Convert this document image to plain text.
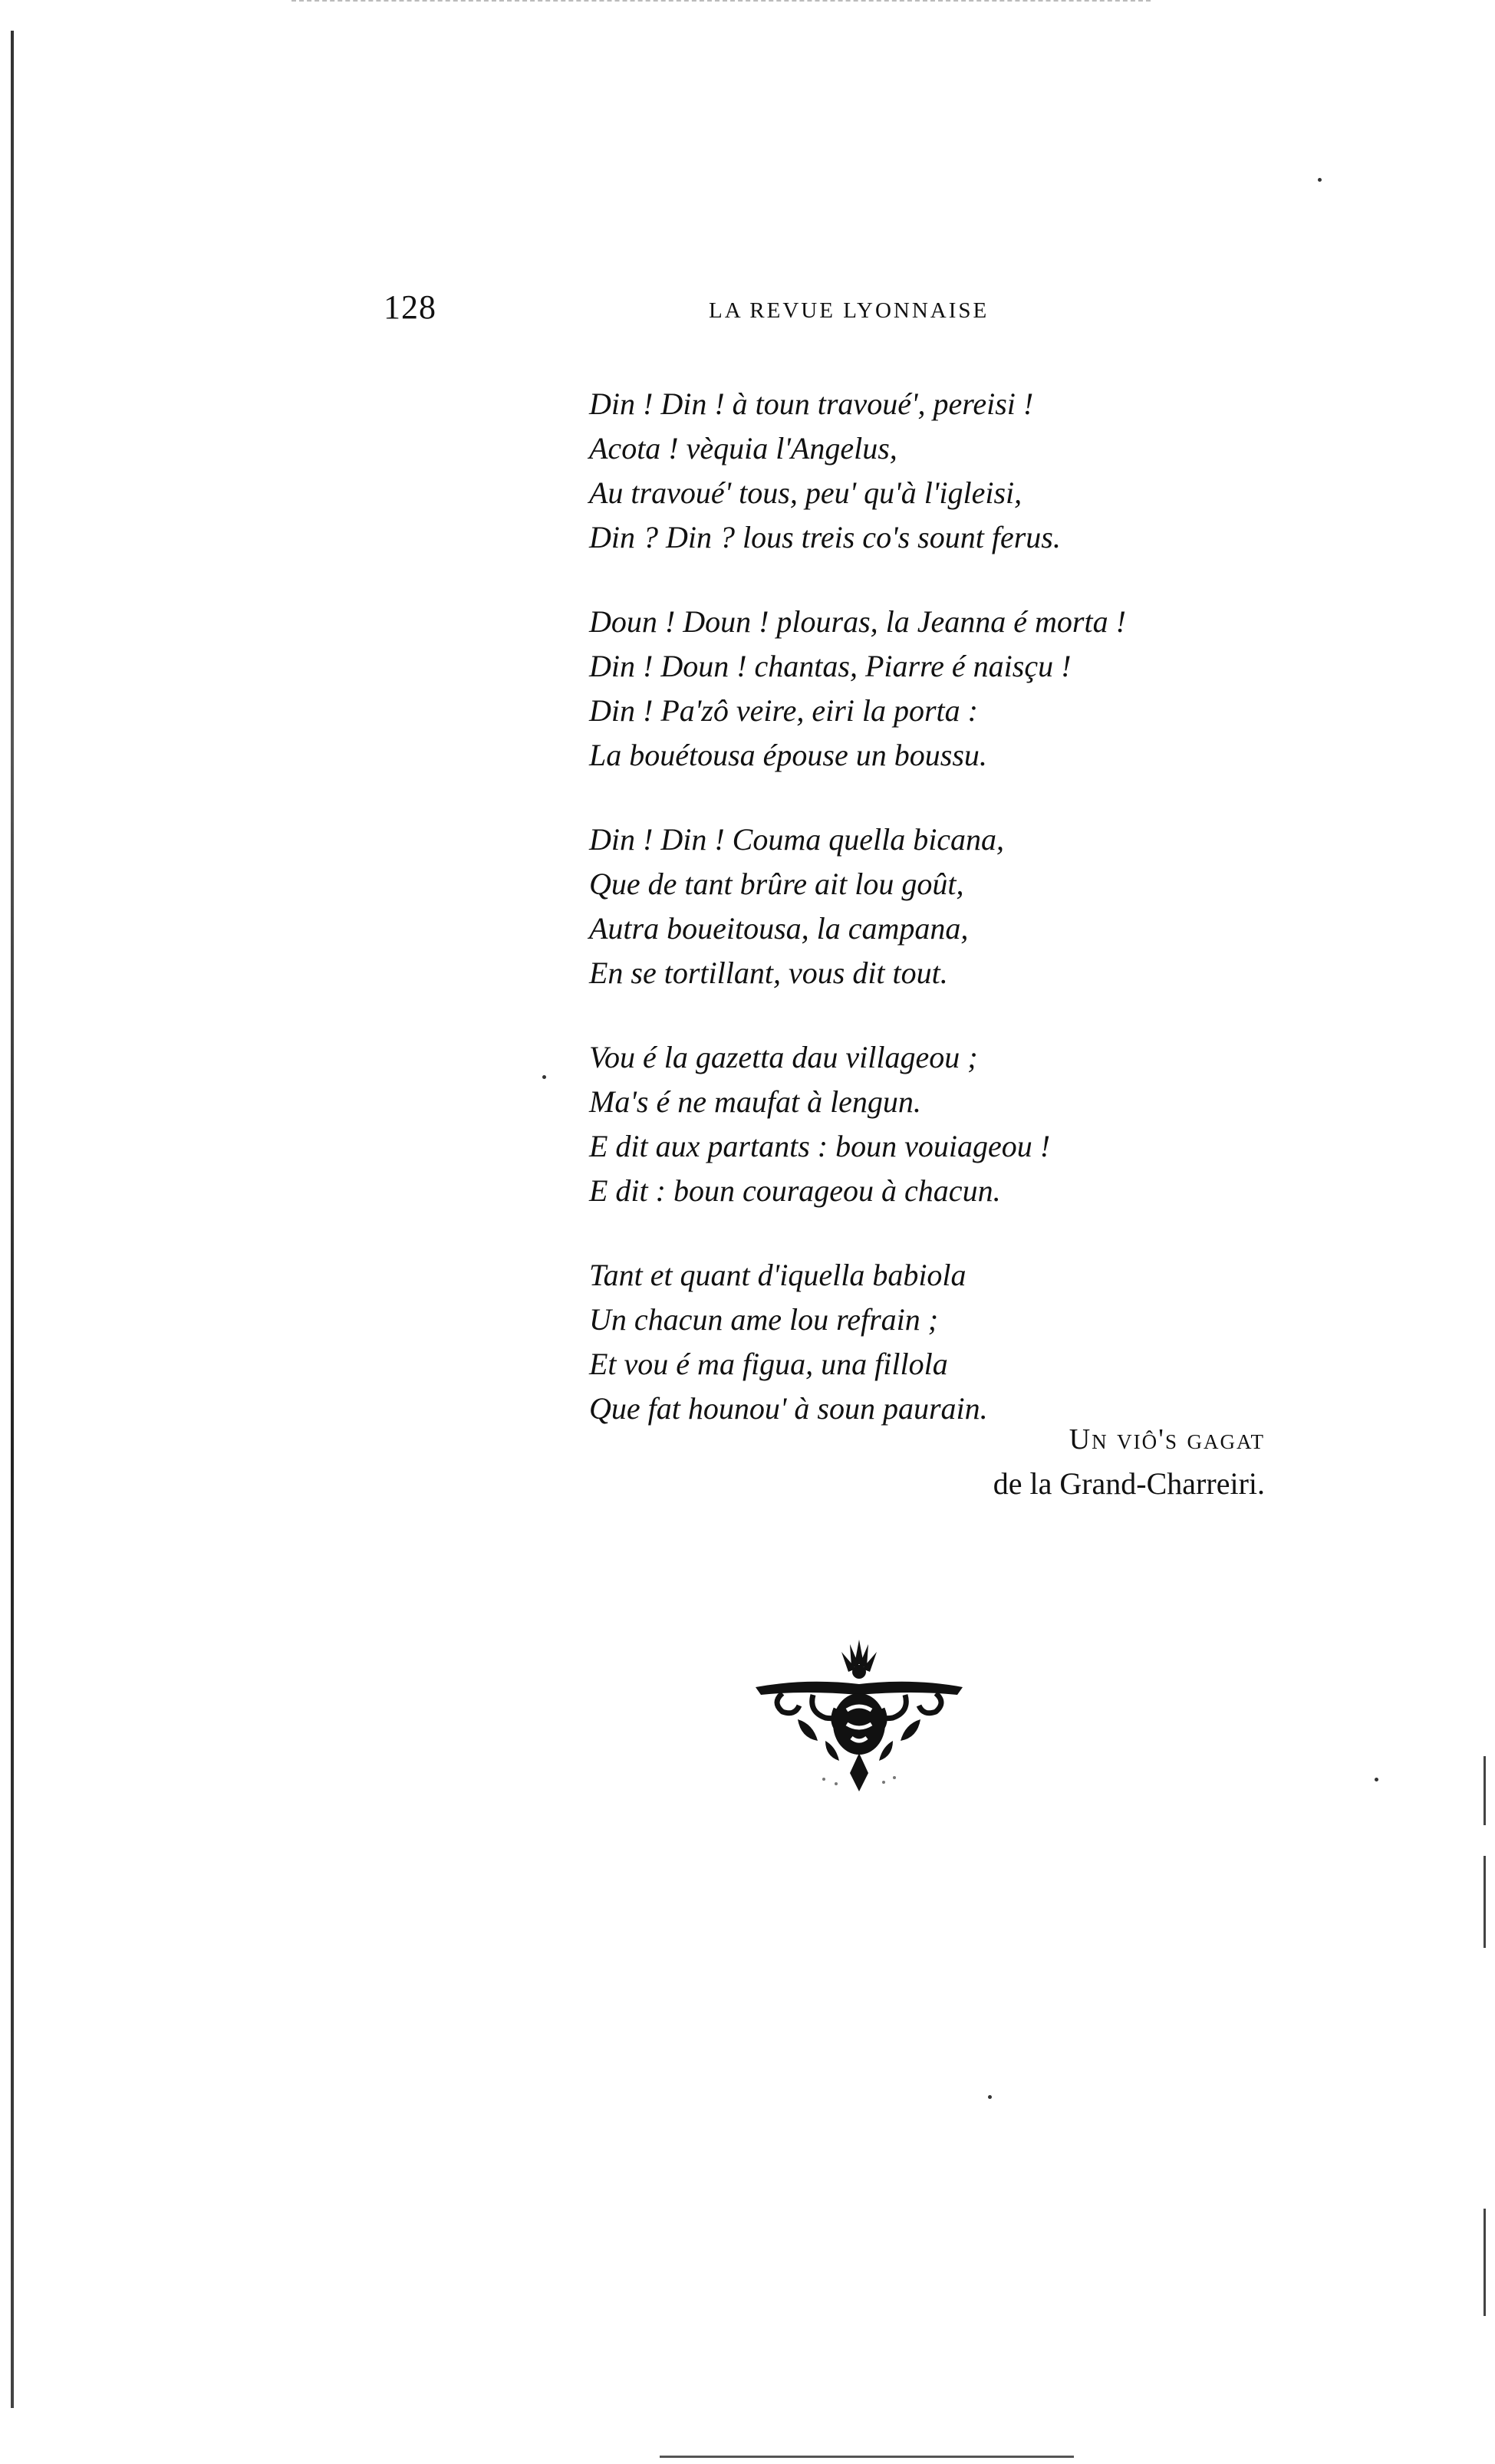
128	LA REVUE LYONNAISE
Din ! Din ! à toun travoué', pereisi !
Acota ! vèquia l'Angelus,
Au travoué' tous, peu' qu'à l'igleisi,
Din ? Din ? lous treis co's sount ferus.
Doun ! Doun ! plouras, la Jeanna é morta !
Din ! Doun ! chantas, Piarre é naisçu !
Din ! Pa'zô veire, eiri la porta :
La bouétousa épouse un boussu.
Din ! Din ! Couma quella bicana,
Que de tant brûre ait lou goût,
Autra boueitousa, la campana,
En se tortillant, vous dit tout.
Vou é la gazetta dau villageou ;
Ma's é ne maufat à lengun.
E dit aux partants : boun vouiageou !
E dit : boun courageou à chacun.
Tant et quant d'iquella babiola
Un chacun ame lou refrain ;
Et vou é ma figua, una fillola
Que fat hounou' à soun paurain.
Un viô's gagat
de la Grand-Charreiri.
